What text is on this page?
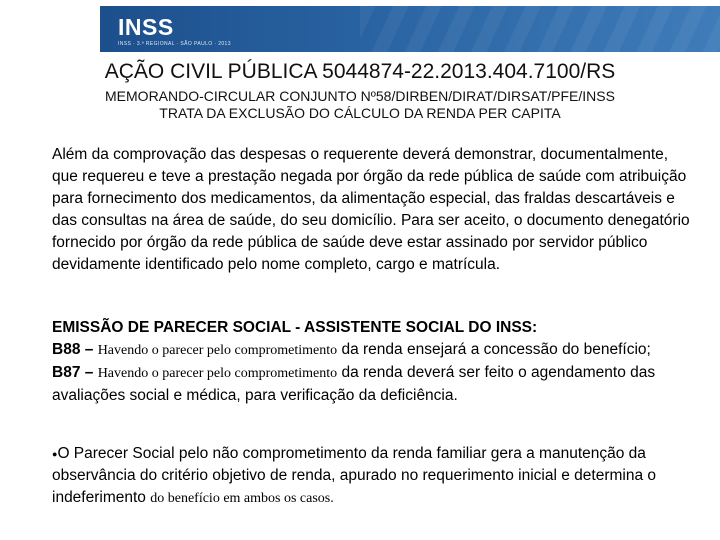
INSS
INSS · 3.ª REGIONAL · SÃO PAULO · 2013
AÇÃO CIVIL PÚBLICA 5044874-22.2013.404.7100/RS
MEMORANDO-CIRCULAR CONJUNTO Nº58/DIRBEN/DIRAT/DIRSAT/PFE/INSS
TRATA DA EXCLUSÃO DO CÁLCULO DA RENDA PER CAPITA
Além da comprovação das despesas o requerente deverá demonstrar, documentalmente, que requereu e teve a prestação negada por órgão da rede pública de saúde com atribuição para fornecimento dos medicamentos, da alimentação especial, das fraldas descartáveis e das consultas na área de saúde, do seu domicílio. Para ser aceito, o documento denegatório fornecido por órgão da rede pública de saúde deve estar assinado por servidor público devidamente identificado pelo nome completo, cargo e matrícula.
EMISSÃO DE PARECER SOCIAL - ASSISTENTE SOCIAL DO INSS:
B88 – Havendo o parecer pelo comprometimento da renda ensejará a concessão do benefício;
B87 – Havendo o parecer pelo comprometimento da renda deverá ser feito o agendamento das avaliações social e médica, para verificação da deficiência.
●O Parecer Social pelo não comprometimento da renda familiar gera a manutenção da observância do critério objetivo de renda, apurado no requerimento inicial e determina o indeferimento do benefício em ambos os casos.
